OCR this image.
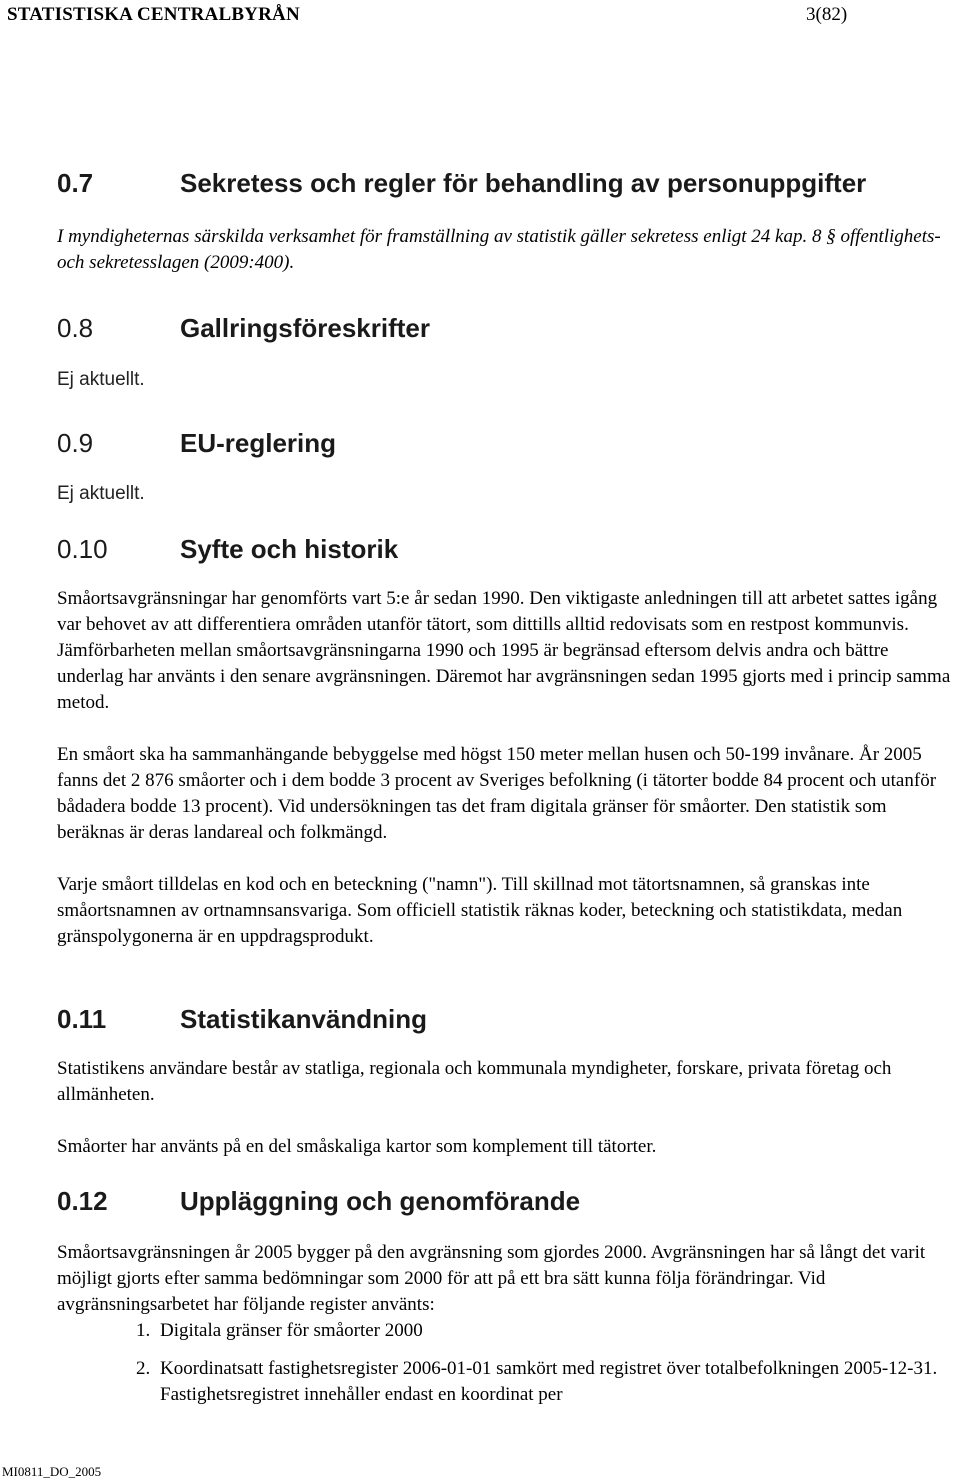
STATISTISKA CENTRALBYRÅN	3(82)
0.7	Sekretess och regler för behandling av personuppgifter

I myndigheternas särskilda verksamhet för framställning av statistik gäller sekretess enligt 24 kap. 8 § offentlighets- och sekretesslagen (2009:400).

0.8	Gallringsföreskrifter
Ej aktuellt.
0.9	EU-reglering
Ej aktuellt.
0.10	Syfte och historik

Småortsavgränsningar har genomförts vart 5:e år sedan 1990. Den viktigaste anledningen till att arbetet sattes igång var behovet av att differentiera områden utanför tätort, som dittills alltid redovisats som en restpost kommunvis. Jämförbarheten mellan småortsavgränsningarna 1990 och 1995 är begränsad eftersom delvis andra och bättre underlag har använts i den senare avgränsningen. Däremot har avgränsningen sedan 1995 gjorts med i princip samma metod.

En småort ska ha sammanhängande bebyggelse med högst 150 meter mellan husen och 50-199 invånare. År 2005 fanns det 2 876 småorter och i dem bodde 3 procent av Sveriges befolkning (i tätorter bodde 84 procent och utanför bådadera bodde 13 procent). Vid undersökningen tas det fram digitala gränser för småorter. Den statistik som beräknas är deras landareal och folkmängd.

Varje småort tilldelas en kod och en beteckning ("namn"). Till skillnad mot tätortsnamnen, så granskas inte småortsnamnen av ortnamnsansvariga. Som officiell statistik räknas koder, beteckning och statistikdata, medan gränspolygonerna är en uppdragsprodukt.

0.11	Statistikanvändning

Statistikens användare består av statliga, regionala och kommunala myndigheter, forskare, privata företag och allmänheten.

Småorter har använts på en del småskaliga kartor som komplement till tätorter.

0.12	Uppläggning och genomförande

Småortsavgränsningen år 2005 bygger på den avgränsning som gjordes 2000. Avgränsningen har så långt det varit möjligt gjorts efter samma bedömningar som 2000 för att på ett bra sätt kunna följa förändringar. Vid avgränsningsarbetet har följande register använts:

1. Digitala gränser för småorter 2000
2. Koordinatsatt fastighetsregister 2006-01-01 samkört med registret över totalbefolkningen 2005-12-31. Fastighetsregistret innehåller endast en koordinat per
MI0811_DO_2005
